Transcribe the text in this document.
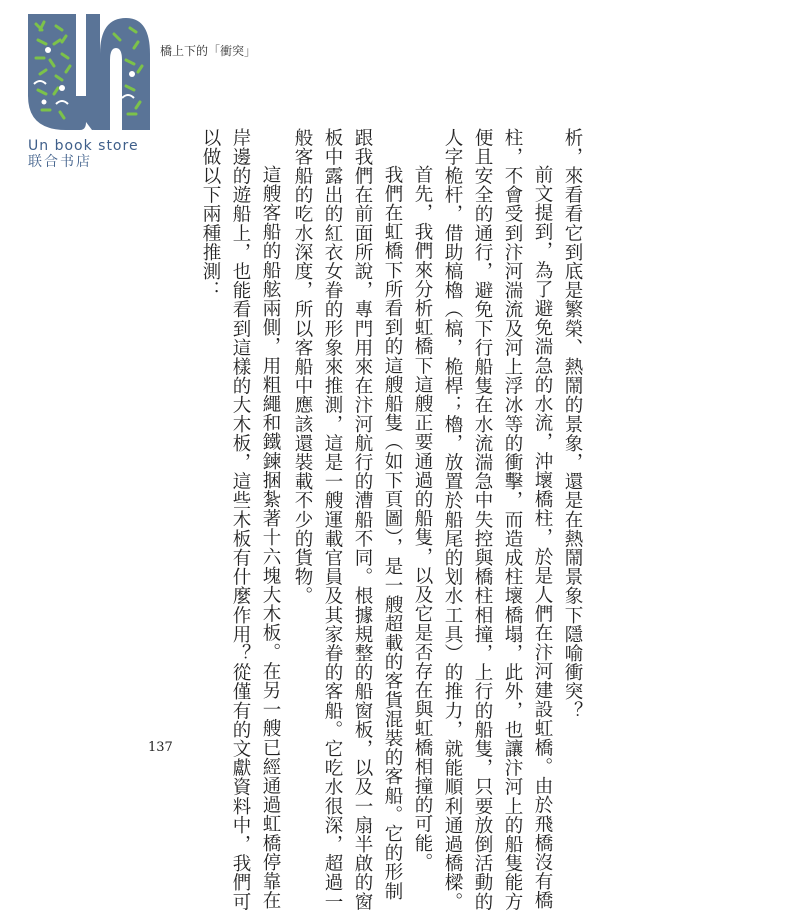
Un book store
联合书店
橋上下的「衝突」
析，來看看它到底是繁榮、熱鬧的景象，還是在熱鬧景象下隱喻衝突？
前文提到，為了避免湍急的水流，沖壞橋柱，於是人們在汴河建設虹橋。由於飛橋沒有橋
柱，不會受到汴河湍流及河上浮冰等的衝擊，而造成柱壞橋塌，此外，也讓汴河上的船隻能方
便且安全的通行，避免下行船隻在水流湍急中失控與橋柱相撞，上行的船隻，只要放倒活動的
人字桅杆，借助槁櫓（槁，桅桿；櫓，放置於船尾的划水工具）的推力，就能順利通過橋樑。
首先，我們來分析虹橋下這艘正要通過的船隻，以及它是否存在與虹橋相撞的可能。
我們在虹橋下所看到的這艘船隻（如下頁圖），是一艘超載的客貨混裝的客船。它的形制
跟我們在前面所說，專門用來在汴河航行的漕船不同。根據規整的船窗板，以及一扇半啟的窗
板中露出的紅衣女眷的形象來推測，這是一艘運載官員及其家眷的客船。它吃水很深，超過一
般客船的吃水深度，所以客船中應該還裝載不少的貨物。
這艘客船的船舷兩側，用粗繩和鐵鍊捆紮著十六塊大木板。在另一艘已經通過虹橋停靠在
岸邊的遊船上，也能看到這樣的大木板，這些木板有什麼作用？從僅有的文獻資料中，我們可
以做以下兩種推測：
137
